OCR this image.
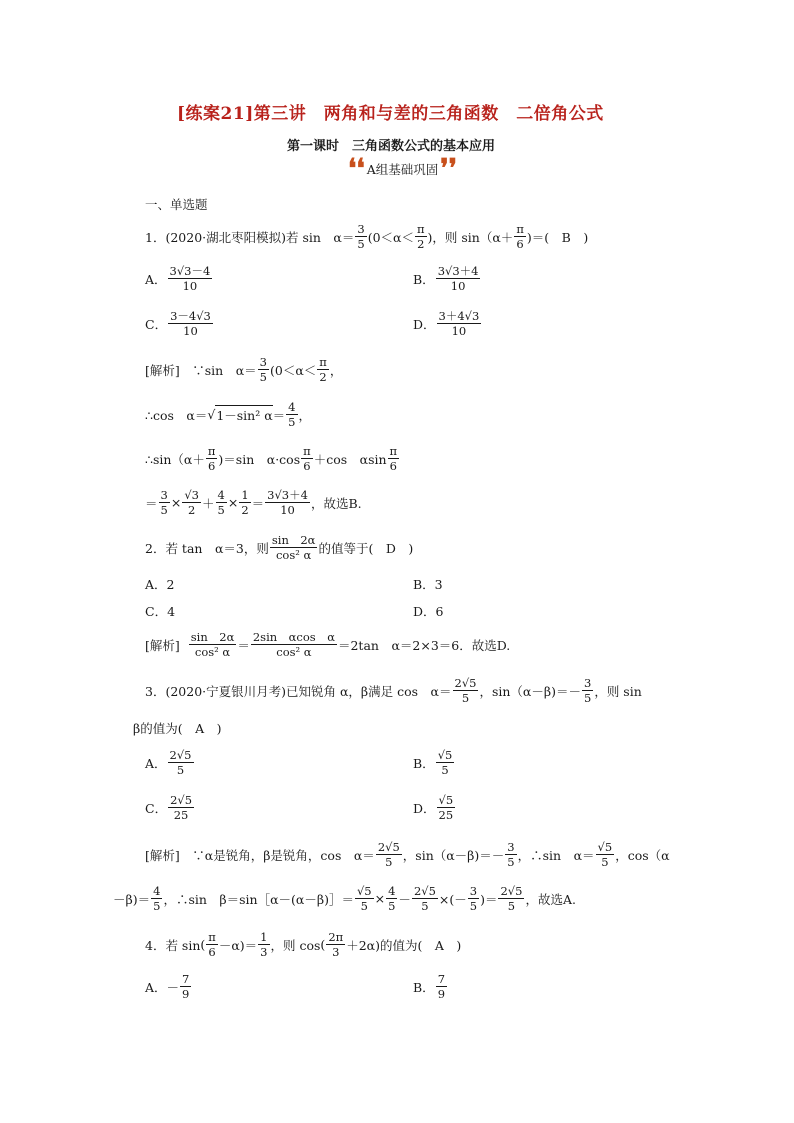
[练案21]第三讲　两角和与差的三角函数　二倍角公式
第一课时　三角函数公式的基本应用
❛❛ A组基础巩固 ❜❜
一、单选题
1．(2020·湖北枣阳模拟)若 sin　$\alpha= \frac{3}{5} (0<\alpha< \frac{\pi}{2}$ )，则 $\sin(\alpha+ \frac{\pi}{6}$ )＝(　B　)
A． $\frac{3√3-4}{10}$	B． $\frac{3√3+4}{10}$
C． $\frac{3-4√3}{10}$	D． $\frac{3+4√3}{10}$
[解析]　∵sin　$\alpha= \frac{3}{5} (0<\alpha< \frac{\pi}{2}$ ，
∴cos　α＝ √ 1－sin² $\alpha = \frac{4}{5}$ ，
∴sin（α＋ $\frac{\pi}{6} )=\sin$　$\alpha\cdot\cos \frac{\pi}{6} +\cos$　αsin $\frac{\pi}{6}$
＝ $\frac{3}{5} \times \frac{√3}{2} + \frac{4}{5} \times \frac{1}{2} = \frac{3√3+4}{10}$ ，故选B.
2．若 tan　α＝3，则 $\frac{\sin 2\alpha}{\text{cos² α}}$ 的值等于(　D　)
A．2	B．3
C．4	D．6
[解析] $\frac{\sin 2\alpha}{\text{cos² α}} = \frac{\text{2sin　αcos　α}}{\text{cos² α}} =2\tan$　α＝2×3＝6．故选D.
3．(2020·宁夏银川月考)已知锐角 α，β满足 cos　$\alpha= \frac{2√5}{5}$ ，$\sin(\alpha-\beta)=- \frac{3}{5}$ ，则 sin
β的值为(　A　)
A． $\frac{2√5}{5}$	B． $\frac{√5}{5}$
C． $\frac{2√5}{25}$	D． $\frac{√5}{25}$
[解析]　∵α是锐角，β是锐角，cos　$\alpha= \frac{2√5}{5}$ ，$\sin(\alpha-\beta)=- \frac{3}{5}$ ，∴sin　$\alpha= \frac{√5}{5}$ ，cos（α
$-\beta)= \frac{4}{5}$ ，∴sin　β＝sin［α－(α－β)］＝ $\frac{√5}{5} \times \frac{4}{5} - \frac{2√5}{5}$ ×(－ $\frac{3}{5}$ )＝ $\frac{2√5}{5}$ ，故选A.
4．若 sin ( $\frac{\pi}{6} -\alpha)= \frac{1}{3}$ ，则 cos ( $\frac{2\pi}{3} +2\alpha$)的值为(　A　)
A．－ $\frac{7}{9}$	B． $\frac{7}{9}$
